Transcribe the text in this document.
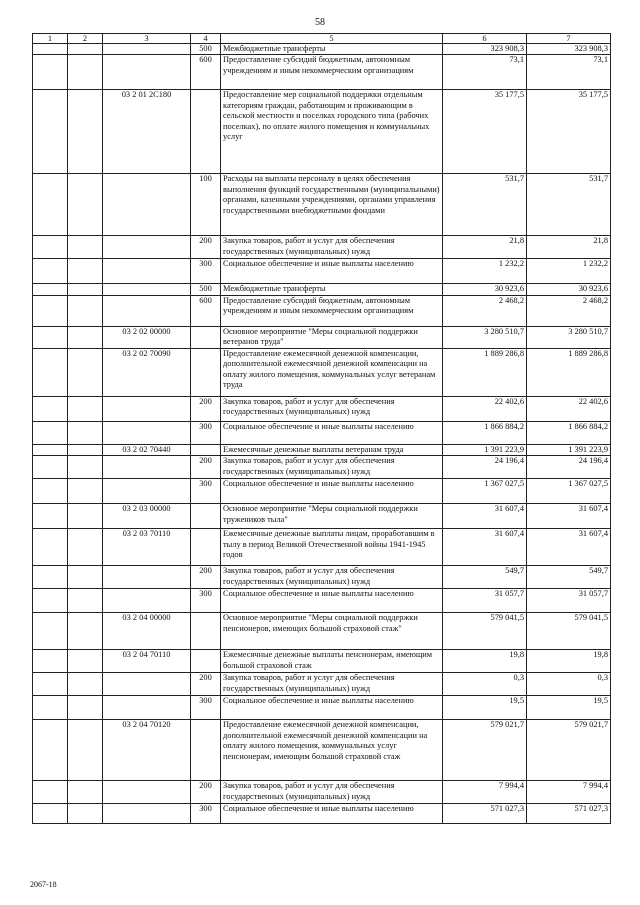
58
1	2	3	4	5	6	7
			500	Межбюджетные трансферты	323 908,3	323 908,3
			600	Предоставление субсидий бюджетным, автономным учреждениям и иным некоммерческим организациям	73,1	73,1
		03 2 01 2С180		Предоставление мер социальной поддержки отдельным категориям граждан, работающим и проживающим в сельской местности и поселках городского типа (рабочих поселках), по оплате жилого помещения и коммунальных услуг	35 177,5	35 177,5
			100	Расходы на выплаты персоналу в целях обеспечения выполнения функций государственными (муниципальными) органами, казенными учреждениями, органами управления государственными внебюджетными фондами	531,7	531,7
			200	Закупка товаров, работ и услуг для обеспечения государственных (муниципальных) нужд	21,8	21,8
			300	Социальное обеспечение и иные выплаты населению	1 232,2	1 232,2
			500	Межбюджетные трансферты	30 923,6	30 923,6
			600	Предоставление субсидий бюджетным, автономным учреждениям и иным некоммерческим организациям	2 468,2	2 468,2
		03 2 02 00000		Основное мероприятие "Меры социальной поддержки ветеранов труда"	3 280 510,7	3 280 510,7
		03 2 02 70090		Предоставление ежемесячной денежной компенсации, дополнительной ежемесячной денежной компенсации на оплату жилого помещения, коммунальных услуг ветеранам труда	1 889 286,8	1 889 286,8
			200	Закупка товаров, работ и услуг для обеспечения государственных (муниципальных) нужд	22 402,6	22 402,6
			300	Социальное обеспечение и иные выплаты населению	1 866 884,2	1 866 884,2
		03 2 02 70440		Ежемесячные денежные выплаты ветеранам труда	1 391 223,9	1 391 223,9
			200	Закупка товаров, работ и услуг для обеспечения государственных (муниципальных) нужд	24 196,4	24 196,4
			300	Социальное обеспечение и иные выплаты населению	1 367 027,5	1 367 027,5
		03 2 03 00000		Основное мероприятие "Меры социальной поддержки тружеников тыла"	31 607,4	31 607,4
		03 2 03 70110		Ежемесячные денежные выплаты лицам, проработавшим в тылу в период Великой Отечественной войны 1941-1945 годов	31 607,4	31 607,4
			200	Закупка товаров, работ и услуг для обеспечения государственных (муниципальных) нужд	549,7	549,7
			300	Социальное обеспечение и иные выплаты населению	31 057,7	31 057,7
		03 2 04 00000		Основное мероприятие "Меры социальной поддержки пенсионеров, имеющих большой страховой стаж"	579 041,5	579 041,5
		03 2 04 70110		Ежемесячные денежные выплаты пенсионерам, имеющим большой страховой стаж	19,8	19,8
			200	Закупка товаров, работ и услуг для обеспечения государственных (муниципальных) нужд	0,3	0,3
			300	Социальное обеспечение и иные выплаты населению	19,5	19,5
		03 2 04 70120		Предоставление ежемесячной денежной компенсации, дополнительной ежемесячной денежной компенсации на оплату жилого помещения, коммунальных услуг пенсионерам, имеющим большой страховой стаж	579 021,7	579 021,7
			200	Закупка товаров, работ и услуг для обеспечения государственных (муниципальных) нужд	7 994,4	7 994,4
			300	Социальное обеспечение и иные выплаты населению	571 027,3	571 027,3
2067-18
